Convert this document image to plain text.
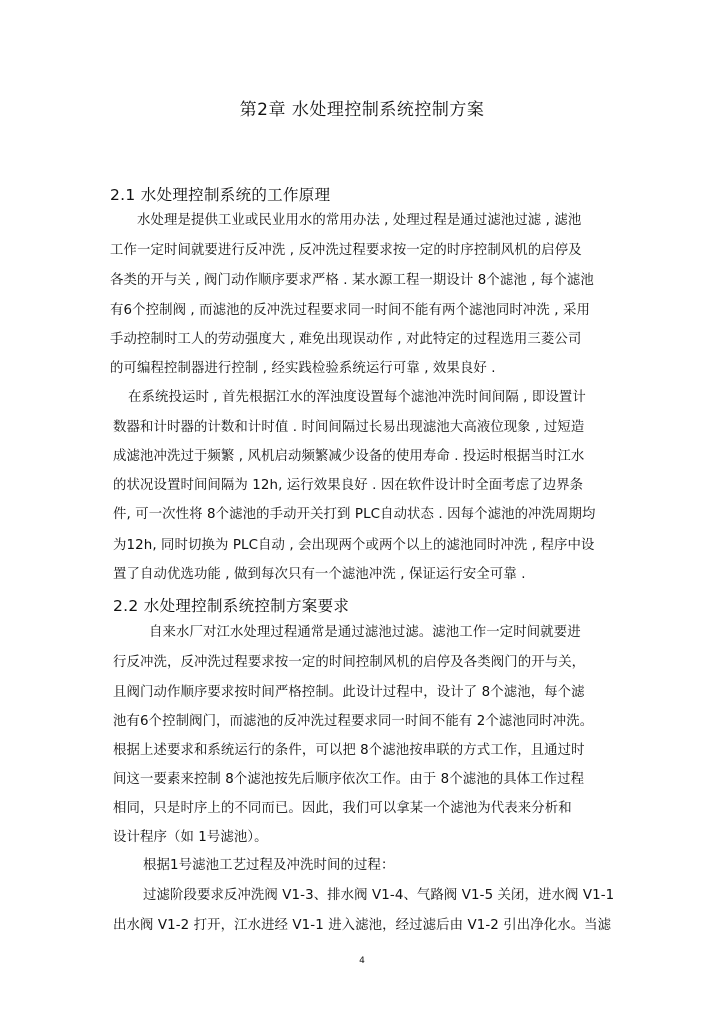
第2章 水处理控制系统控制方案
2.1 水处理控制系统的工作原理

水处理是提供工业或民业用水的常用办法 , 处理过程是通过滤池过滤 , 滤池

工作一定时间就要进行反冲洗 , 反冲洗过程要求按一定的时序控制风机的启停及

各类的开与关 , 阀门动作顺序要求严格 . 某水源工程一期设计 8个滤池 , 每个滤池

有6个控制阀 , 而滤池的反冲洗过程要求同一时间不能有两个滤池同时冲洗 , 采用

手动控制时工人的劳动强度大 , 难免出现误动作 , 对此特定的过程选用三菱公司

的可编程控制器进行控制 , 经实践检验系统运行可靠 , 效果良好 .

在系统投运时 , 首先根据江水的浑浊度设置每个滤池冲洗时间间隔 , 即设置计

数器和计时器的计数和计时值 . 时间间隔过长易出现滤池大高液位现象 , 过短造

成滤池冲洗过于频繁 , 风机启动频繁减少设备的使用寿命 . 投运时根据当时江水

的状况设置时间间隔为 12h, 运行效果良好 . 因在软件设计时全面考虑了边界条

件, 可一次性将 8个滤池的手动开关打到 PLC自动状态 . 因每个滤池的冲洗周期均

为12h, 同时切换为 PLC自动 , 会出现两个或两个以上的滤池同时冲洗 , 程序中设

置了自动优选功能 , 做到每次只有一个滤池冲洗 , 保证运行安全可靠 .

2.2 水处理控制系统控制方案要求

自来水厂对江水处理过程通常是通过滤池过滤。滤池工作一定时间就要进

行反冲洗，反冲洗过程要求按一定的时间控制风机的启停及各类阀门的开与关，

且阀门动作顺序要求按时间严格控制。此设计过程中，设计了 8个滤池，每个滤

池有6个控制阀门，而滤池的反冲洗过程要求同一时间不能有 2个滤池同时冲洗。

根据上述要求和系统运行的条件，可以把 8个滤池按串联的方式工作，且通过时

间这一要素来控制 8个滤池按先后顺序依次工作。由于 8个滤池的具体工作过程

相同，只是时序上的不同而已。因此，我们可以拿某一个滤池为代表来分析和

设计程序（如 1号滤池）。

根据1号滤池工艺过程及冲洗时间的过程：

过滤阶段要求反冲洗阀 V1-3、排水阀 V1-4、气路阀 V1-5 关闭，进水阀 V1-1

出水阀 V1-2 打开，江水进经 V1-1 进入滤池，经过滤后由 V1-2 引出净化水。当滤

4
